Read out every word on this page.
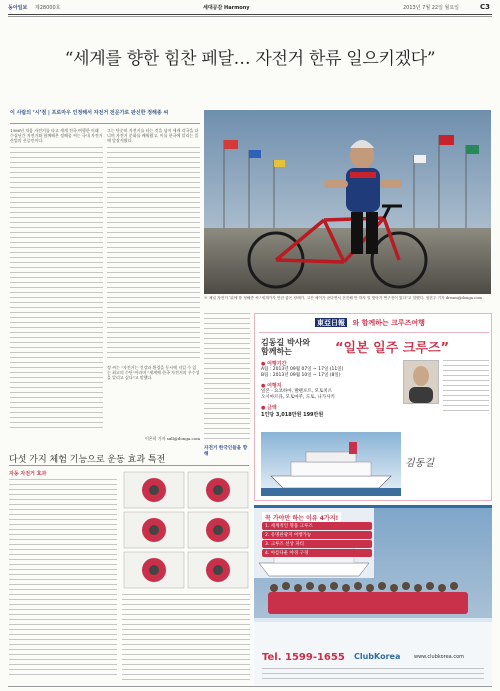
동아일보 제28000호	세대공감 Harmony	2013년 7월 22일 월요일	C3
“세계를 향한 힘찬 페달… 자전거 한류 일으키겠다”
이 사람의 ‘시’점 | 프로마우 인정해서 자전거 전문가로 판신한 정해종 씨
1986년 처음 자전거를 타고 세계 전국 여행한 이래 수십년간 자전거와 함께해온 정해종 씨는 국내 자전거 산업의 산증인이다.
그는 단순히 자전거를 타는 것을 넘어 세계 각국을 다니며 자전거 문화를 배워왔고, 이를 한국에 알리는 일에 앞장서왔다.
정 씨는 "자전거는 건강과 환경을 동시에 지킬 수 있는 최고의 수단"이라며 "세계에 한국 자전거의 우수성을 알리고 싶다"고 말했다.
이은희 기자 sall@donga.com
※ 채널 자전거 ‘위에’를 정해종 씨."세계가자 만큼 좋은 장례가, 고진 메이가 준다면서 전전해 만 하자 일 찾아가 연구전이 있다"고 말했다. 정현주 기자 dream@donga.com
자전거 한국인들을 향해
東亞日報 와 함께하는 크루즈여행
김동길 박사와
함께하는	“일본 일주 크루즈”
● 여행기간
A팀 : 2013년 09월 07일 ~ 17일 (11일)
B팀 : 2013년 09월 10일 ~ 17일 (8일)
● 여행지
일본 - 요코하마, 발렌포트, 모토치르
오시마르큐, 모토마주, 도토, 나가사키
● 금액
1인당 3,018만원 199만원
김동길
꼭 가야만 하는 이유 4가지!
1. 세계적인 명품 크루즈
2. 유명관광지 여행가능
3. 크루즈 선상 파티
4. 아름다운 야경 구경
Tel. 1599-1655 ClubKorea	www.clubkorea.com
다섯 가지 체험 기능으로 운동 효과 특전
자동 자전거 효과
